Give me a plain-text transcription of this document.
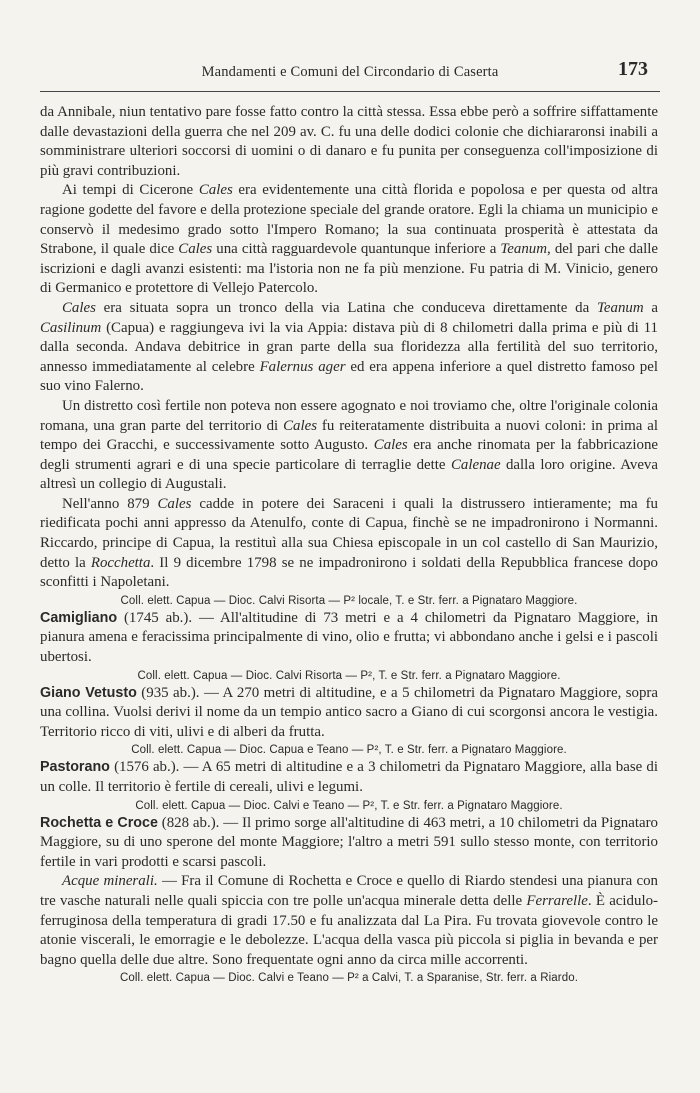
Mandamenti e Comuni del Circondario di Caserta	173

da Annibale, niun tentativo pare fosse fatto contro la città stessa. Essa ebbe però a soffrire siffattamente dalle devastazioni della guerra che nel 209 av. C. fu una delle dodici colonie che dichiararonsi inabili a somministrare ulteriori soccorsi di uomini o di danaro e fu punita per conseguenza coll'imposizione di più gravi contribuzioni.

Ai tempi di Cicerone Cales era evidentemente una città florida e popolosa e per questa od altra ragione godette del favore e della protezione speciale del grande oratore. Egli la chiama un municipio e conservò il medesimo grado sotto l'Impero Romano; la sua continuata prosperità è attestata da Strabone, il quale dice Cales una città ragguardevole quantunque inferiore a Teanum, del pari che dalle iscrizioni e dagli avanzi esistenti: ma l'istoria non ne fa più menzione. Fu patria di M. Vinicio, genero di Germanico e protettore di Vellejo Patercolo.

Cales era situata sopra un tronco della via Latina che conduceva direttamente da Teanum a Casilinum (Capua) e raggiungeva ivi la via Appia: distava più di 8 chilometri dalla prima e più di 11 dalla seconda. Andava debitrice in gran parte della sua floridezza alla fertilità del suo territorio, annesso immediatamente al celebre Falernus ager ed era appena inferiore a quel distretto famoso pel suo vino Falerno.

Un distretto così fertile non poteva non essere agognato e noi troviamo che, oltre l'originale colonia romana, una gran parte del territorio di Cales fu reiteratamente distribuita a nuovi coloni: in prima al tempo dei Gracchi, e successivamente sotto Augusto. Cales era anche rinomata per la fabbricazione degli strumenti agrari e di una specie particolare di terraglie dette Calenae dalla loro origine. Aveva altresì un collegio di Augustali.

Nell'anno 879 Cales cadde in potere dei Saraceni i quali la distrussero intieramente; ma fu riedificata pochi anni appresso da Atenulfo, conte di Capua, finchè se ne impadronirono i Normanni. Riccardo, principe di Capua, la restituì alla sua Chiesa episcopale in un col castello di San Maurizio, detto la Rocchetta. Il 9 dicembre 1798 se ne impadronirono i soldati della Repubblica francese dopo sconfitti i Napoletani.

Coll. elett. Capua — Dioc. Calvi Risorta — P² locale, T. e Str. ferr. a Pignataro Maggiore.

Camigliano (1745 ab.). — All'altitudine di 73 metri e a 4 chilometri da Pignataro Maggiore, in pianura amena e feracissima principalmente di vino, olio e frutta; vi abbondano anche i gelsi e i pascoli ubertosi.

Coll. elett. Capua — Dioc. Calvi Risorta — P², T. e Str. ferr. a Pignataro Maggiore.

Giano Vetusto (935 ab.). — A 270 metri di altitudine, e a 5 chilometri da Pignataro Maggiore, sopra una collina. Vuolsi derivi il nome da un tempio antico sacro a Giano di cui scorgonsi ancora le vestigia. Territorio ricco di viti, ulivi e di alberi da frutta.

Coll. elett. Capua — Dioc. Capua e Teano — P², T. e Str. ferr. a Pignataro Maggiore.

Pastorano (1576 ab.). — A 65 metri di altitudine e a 3 chilometri da Pignataro Maggiore, alla base di un colle. Il territorio è fertile di cereali, ulivi e legumi.

Coll. elett. Capua — Dioc. Calvi e Teano — P², T. e Str. ferr. a Pignataro Maggiore.

Rochetta e Croce (828 ab.). — Il primo sorge all'altitudine di 463 metri, a 10 chilometri da Pignataro Maggiore, su di uno sperone del monte Maggiore; l'altro a metri 591 sullo stesso monte, con territorio fertile in vari prodotti e scarsi pascoli.

Acque minerali. — Fra il Comune di Rochetta e Croce e quello di Riardo stendesi una pianura con tre vasche naturali nelle quali spiccia con tre polle un'acqua minerale detta delle Ferrarelle. È acidulo-ferruginosa della temperatura di gradi 17.50 e fu analizzata dal La Pira. Fu trovata giovevole contro le atonie viscerali, le emorragie e le debolezze. L'acqua della vasca più piccola si piglia in bevanda e per bagno quella delle due altre. Sono frequentate ogni anno da circa mille accorrenti.

Coll. elett. Capua — Dioc. Calvi e Teano — P² a Calvi, T. a Sparanise, Str. ferr. a Riardo.
